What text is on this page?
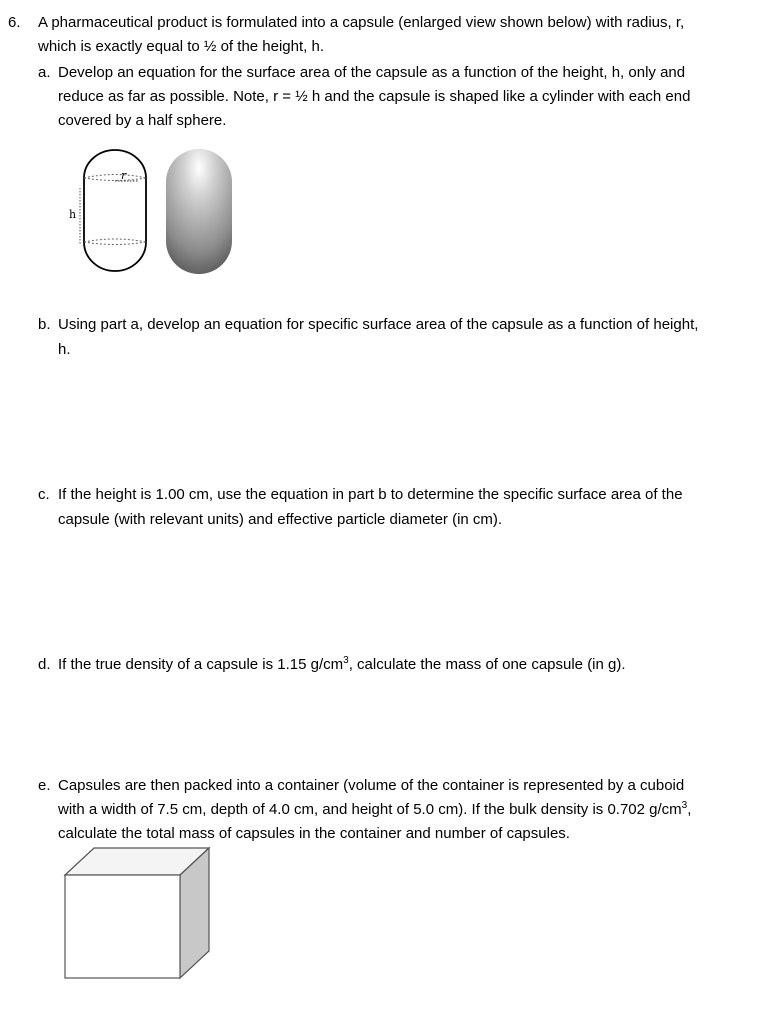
6. A pharmaceutical product is formulated into a capsule (enlarged view shown below) with radius, r,
which is exactly equal to ½ of the height, h.
a. Develop an equation for the surface area of the capsule as a function of the height, h, only and
reduce as far as possible. Note, r = ½ h and the capsule is shaped like a cylinder with each end
covered by a half sphere.
r
h
b. Using part a, develop an equation for specific surface area of the capsule as a function of height,
h.
c. If the height is 1.00 cm, use the equation in part b to determine the specific surface area of the
capsule (with relevant units) and effective particle diameter (in cm).
d. If the true density of a capsule is 1.15 $g/cm^3$, calculate the mass of one capsule (in g).
e. Capsules are then packed into a container (volume of the container is represented by a cuboid
with a width of 7.5 cm, depth of 4.0 cm, and height of 5.0 cm). If the bulk density is 0.702 $g/cm^3$,
calculate the total mass of capsules in the container and number of capsules.
